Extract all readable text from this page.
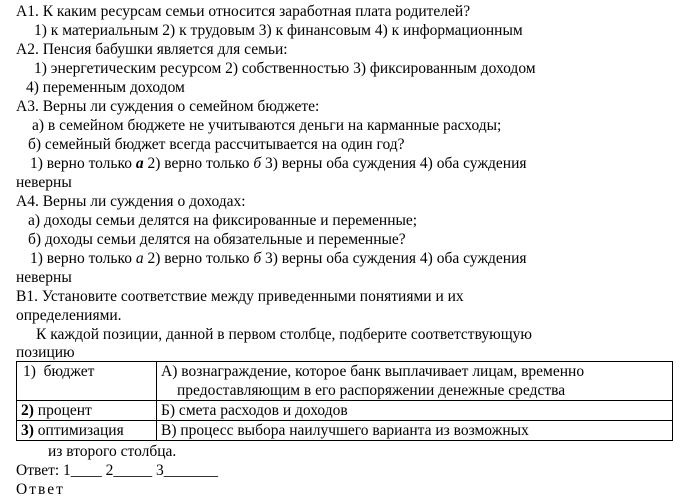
А1. К каким ресурсам семьи относится заработная плата родителей?
1) к материальным 2) к трудовым 3) к финансовым 4) к информационным
А2. Пенсия бабушки является для семьи:
1) энергетическим ресурсом 2) собственностью 3) фиксированным доходом
4) переменным доходом
А3. Верны ли суждения о семейном бюджете:
а) в семейном бюджете не учитываются деньги на карманные расходы;
б) семейный бюджет всегда рассчитывается на один год?
1) верно только а 2) верно только б 3) верны оба суждения 4) оба суждения
неверны
А4. Верны ли суждения о доходах:
а) доходы семьи делятся на фиксированные и переменные;
б) доходы семьи делятся на обязательные и переменные?
1) верно только а 2) верно только б 3) верны оба суждения 4) оба суждения
неверны
В1. Установите соответствие между приведенными понятиями и их
определениями.
К каждой позиции, данной в первом столбце, подберите соответствующую
позицию
1)  бюджет	А) вознаграждение, которое банк выплачивает лицам, временно
предоставляющим в его распоряжении денежные средства

2) процент	Б) смета расходов и доходов
3) оптимизация	В) процесс выбора наилучшего варианта из возможных
из второго столбца.
Ответ: 1____ 2_____ 3_______
Ответ
